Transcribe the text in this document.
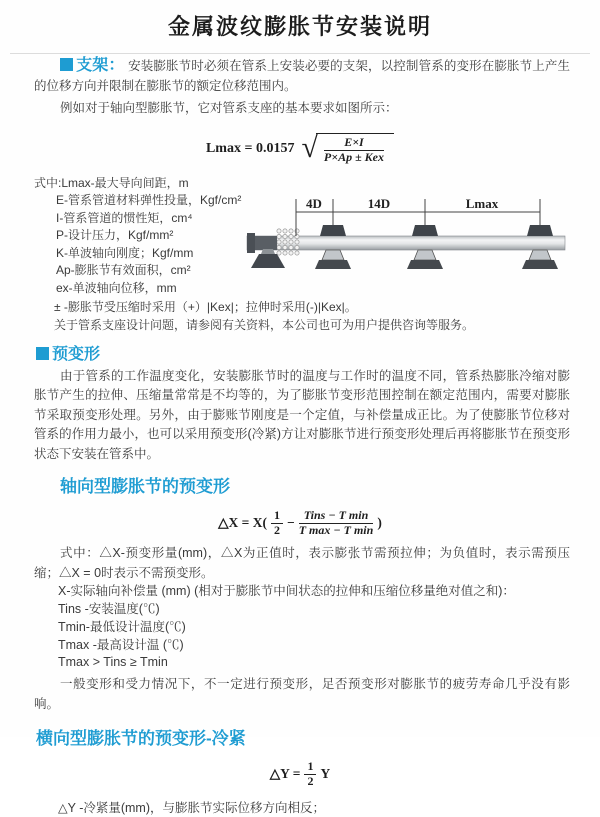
金属波纹膨胀节安装说明

支架： 安装膨胀节时必须在管系上安装必要的支架，以控制管系的变形在膨胀节上产生的位移方向并限制在膨胀节的额定位移范围内。

例如对于轴向型膨胀节，它对管系支座的基本要求如图所示：

Lmax = 0.0157 √	E×I
P×Ap ± Kex
式中:Lmax-最大导向间距，m
E-管系管道材料弹性投量，Kgf/cm²
I-管系管道的惯性矩，cm⁴
P-设计压力，Kgf/mm²
K-单波轴向刚度；Kgf/mm
Ap-膨胀节有效面积，cm²
ex-单波轴向位移，mm

± -膨胀节受压缩时采用（+）|Kex|；拉伸时采用(-)|Kex|。

关于管系支座设计问题，请参阅有关资料，本公司也可为用户提供咨询等服务。

4D	14D	Lmax
预变形

由于管系的工作温度变化，安装膨胀节时的温度与工作时的温度不同，管系热膨胀冷缩对膨胀节产生的拉伸、压缩量常常是不均等的，为了膨胀节变形范围控制在额定范围内，需要对膨胀节采取预变形处理。另外，由于膨账节刚度是一个定值，与补偿量成正比。为了使膨胀节位移对管系的作用力最小，也可以采用预变形(冷紧)方让对膨胀节进行预变形处理后再将膨胀节在预变形状态下安装在管系中。

轴向型膨胀节的预变形
△X = $X( \frac{1}{2}$ −
Tins − T min
T max − T min )

式中：△X-预变形量(mm)，△X为正值时，表示膨张节需预拉伸；为负值时，表示需预压缩；△X = 0时表示不需预变形。

X-实际轴向补偿量 (mm) (相对于膨胀节中间状态的拉伸和压缩位移量绝对值之和)：
Tins -安装温度(℃)
Tmin-最低设计温度(℃)
Tmax -最高设计温 (℃)
Tmax > Tins ≥ Tmin

一般变形和受力情况下，不一定进行预变形，足否预变形对膨胀节的疲劳寿命几乎没有影响。

横向型膨胀节的预变形-冷紧
△Y = $\frac{1}{2}$ Y

△Y -冷紧量(mm)，与膨胀节实际位移方向相反；
